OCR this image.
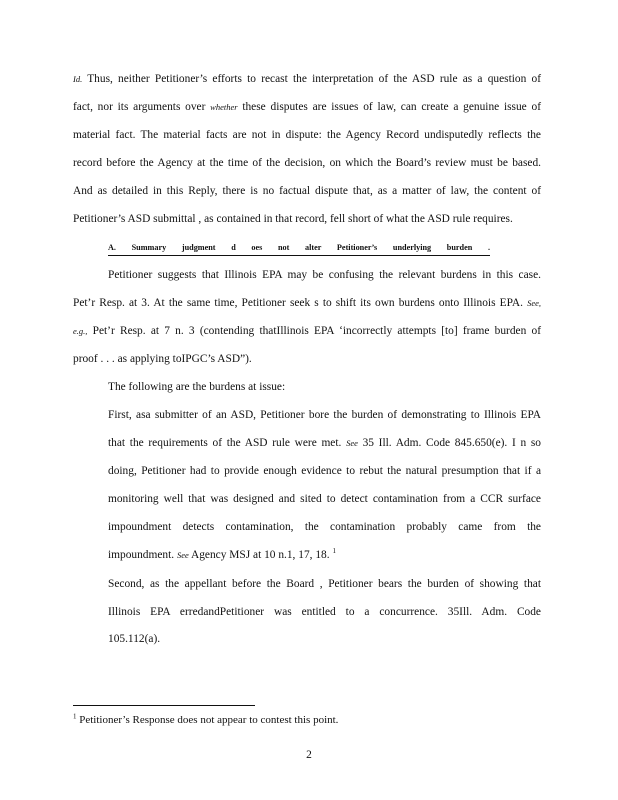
Id. Thus, neither Petitioner’s efforts to recast the interpretation of the ASD rule as a question of
fact, nor its arguments over whether these disputes are issues of law, can create a genuine issue of
material fact. The material facts are not in dispute: the Agency Record undisputedly reflects the
record before the Agency at the time of the decision, on which the Board’s review must be based.
And as detailed in this Reply, there is no factual dispute that, as a matter of law, the content of
Petitioner’s ASD submittal , as contained in that record, fell short of what the ASD rule requires.
A. Summary judgment d oes not alter Petitioner’s underlying burden .
Petitioner suggests that Illinois EPA may be confusing the relevant burdens in this case.
Pet’r Resp. at 3. At the same time, Petitioner seek s to shift its own burdens onto Illinois EPA. See,
e.g., Pet’r Resp. at 7 n. 3 (contending thatIllinois EPA ‘incorrectly attempts [to] frame burden of
proof . . . as applying toIPGC’s ASD”).
The following are the burdens at issue:
First, asa submitter of an ASD, Petitioner bore the burden of demonstrating to Illinois EPA
that the requirements of the ASD rule were met. See 35 Ill. Adm. Code 845.650(e). I n so
doing, Petitioner had to provide enough evidence to rebut the natural presumption that if a
monitoring well that was designed and sited to detect contamination from a CCR surface
impoundment detects contamination, the contamination probably came from the
impoundment. See Agency MSJ at 10 n.1, 17, 18. $^1$
Second, as the appellant before the Board , Petitioner bears the burden of showing that
Illinois EPA erredandPetitioner was entitled to a concurrence. 35Ill. Adm. Code
105.112(a).
$^1$ Petitioner’s Response does not appear to contest this point.
2
